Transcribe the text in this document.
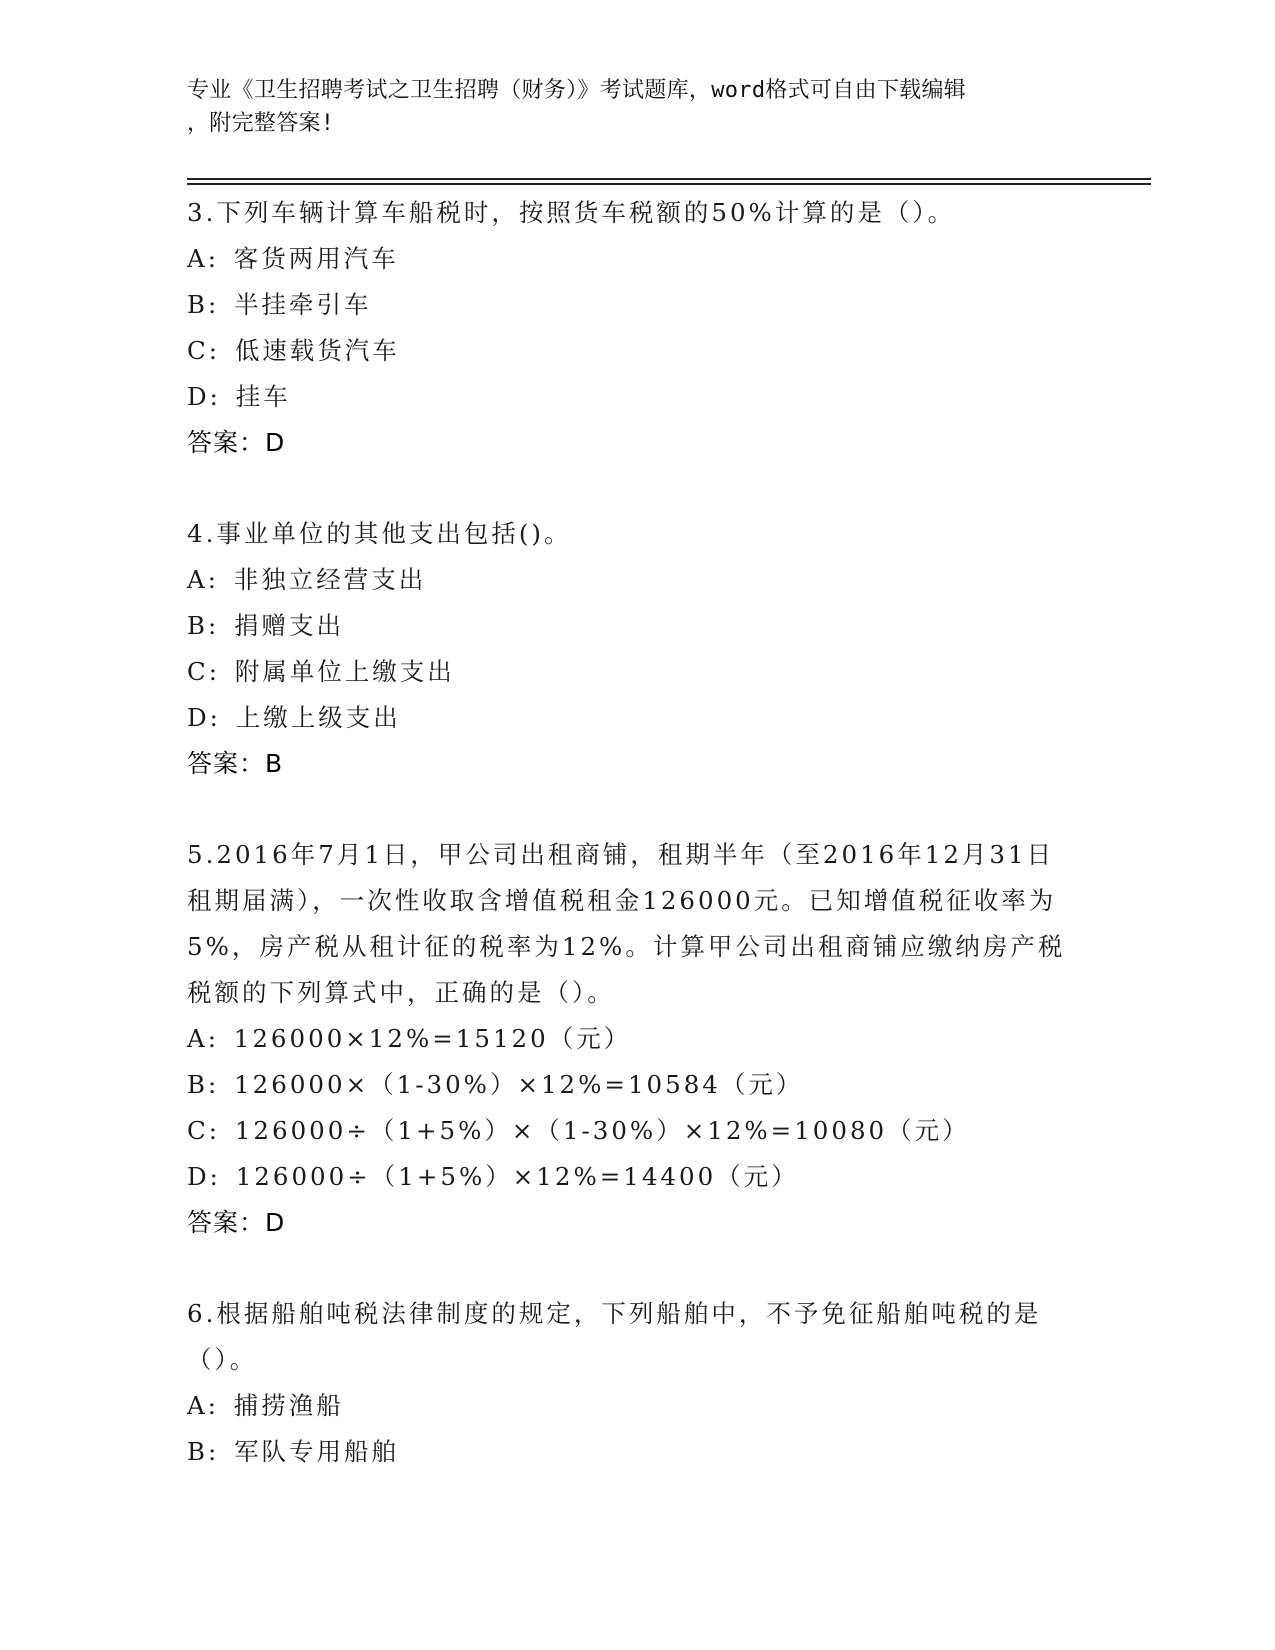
专业《卫生招聘考试之卫生招聘（财务）》考试题库，word格式可自由下载编辑
，附完整答案!
3.下列车辆计算车船税时，按照货车税额的50%计算的是（）。
A: 客货两用汽车
B: 半挂牵引车
C: 低速载货汽车
D: 挂车
答案：D
4.事业单位的其他支出包括()。
A: 非独立经营支出
B: 捐赠支出
C: 附属单位上缴支出
D: 上缴上级支出
答案：B
5.2016年7月1日，甲公司出租商铺，租期半年（至2016年12月31日租期届满），一次性收取含增值税租金126000元。已知增值税征收率为5%，房产税从租计征的税率为12%。计算甲公司出租商铺应缴纳房产税税额的下列算式中，正确的是（）。
A: 126000×12%=15120（元）
B: 126000×（1-30%）×12%=10584（元）
C: 126000÷（1+5%）×（1-30%）×12%=10080（元）
D: 126000÷（1+5%）×12%=14400（元）
答案：D
6.根据船舶吨税法律制度的规定，下列船舶中，不予免征船舶吨税的是（）。
A: 捕捞渔船
B: 军队专用船舶
